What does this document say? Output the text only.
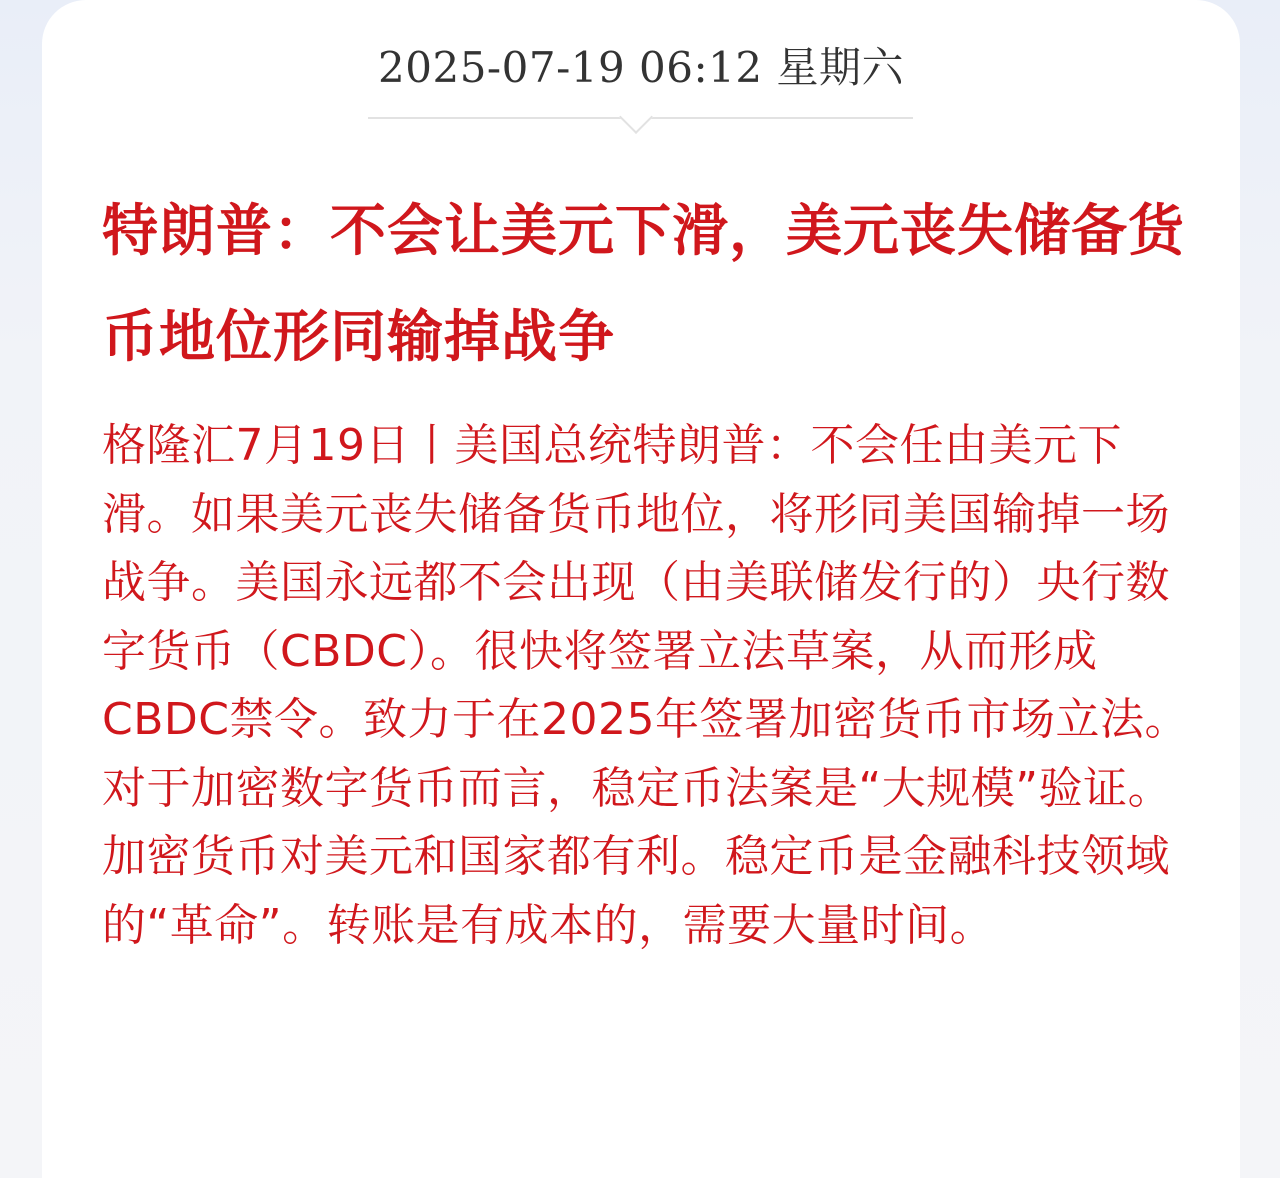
2025-07-19 06:12 星期六
特朗普：不会让美元下滑，美元丧失储备货币地位形同输掉战争

格隆汇7月19日丨美国总统特朗普：不会任由美元下滑。如果美元丧失储备货币地位，将形同美国输掉一场战争。美国永远都不会出现（由美联储发行的）央行数字货币（CBDC）。很快将签署立法草案，从而形成CBDC禁令。致力于在2025年签署加密货币市场立法。对于加密数字货币而言，稳定币法案是“大规模”验证。加密货币对美元和国家都有利。稳定币是金融科技领域的“革命”。转账是有成本的，需要大量时间。
